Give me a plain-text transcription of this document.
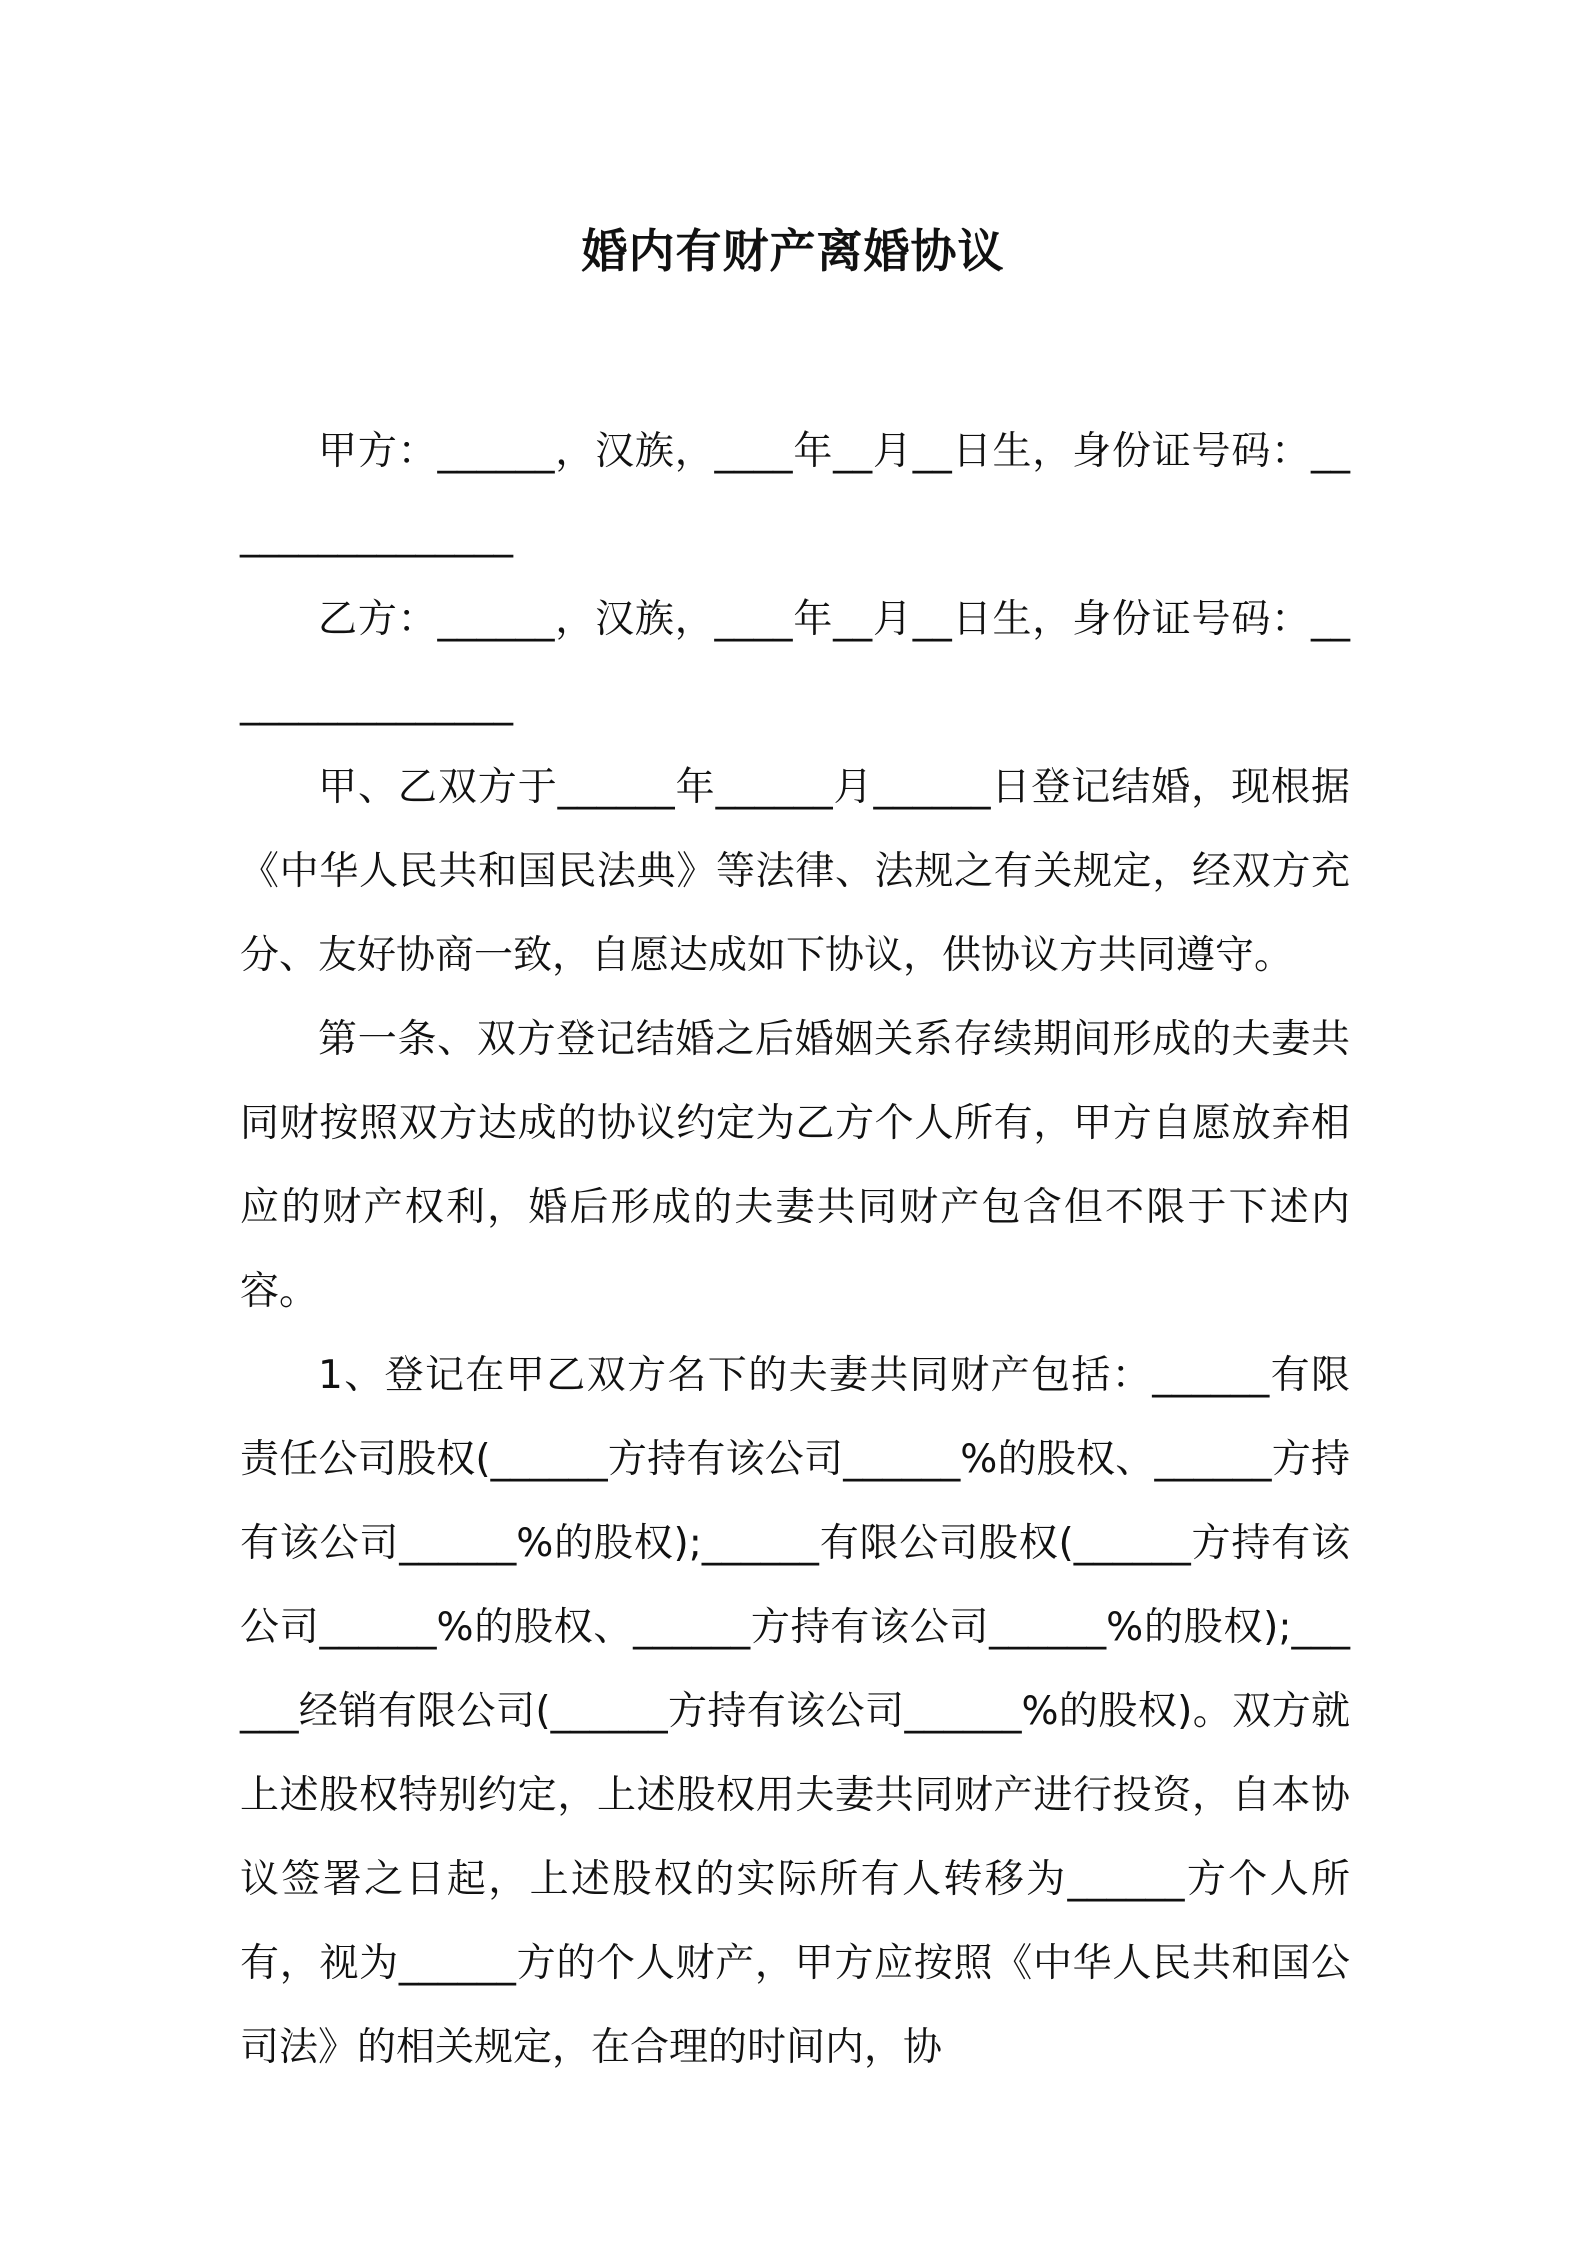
婚内有财产离婚协议

甲方：______，汉族，____年__月__日生，身份证号码：________________

乙方：______，汉族，____年__月__日生，身份证号码：________________

甲、乙双方于______年______月______日登记结婚，现根据《中华人民共和国民法典》等法律、法规之有关规定，经双方充分、友好协商一致，自愿达成如下协议，供协议方共同遵守。

第一条、双方登记结婚之后婚姻关系存续期间形成的夫妻共同财按照双方达成的协议约定为乙方个人所有，甲方自愿放弃相应的财产权利，婚后形成的夫妻共同财产包含但不限于下述内容。

1、登记在甲乙双方名下的夫妻共同财产包括：______有限责任公司股权(______方持有该公司______%的股权、______方持有该公司______%的股权);______有限公司股权(______方持有该公司______%的股权、______方持有该公司______%的股权);______经销有限公司(______方持有该公司______%的股权)。双方就上述股权特别约定，上述股权用夫妻共同财产进行投资，自本协议签署之日起，上述股权的实际所有人转移为______方个人所有，视为______方的个人财产，甲方应按照《中华人民共和国公司法》的相关规定，在合理的时间内，协
